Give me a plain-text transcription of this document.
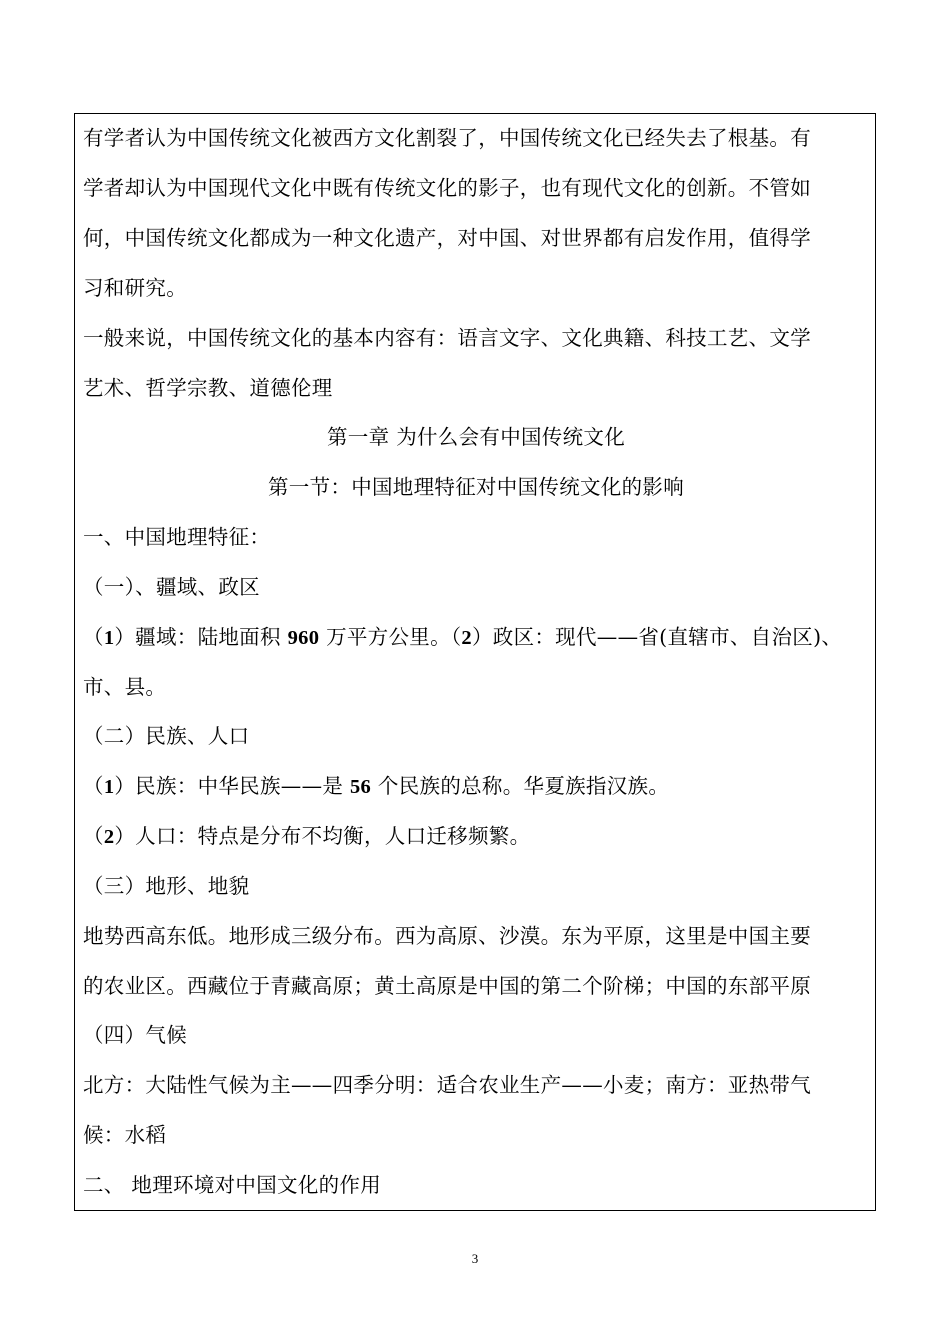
有学者认为中国传统文化被西方文化割裂了，中国传统文化已经失去了根基。有
学者却认为中国现代文化中既有传统文化的影子，也有现代文化的创新。不管如
何，中国传统文化都成为一种文化遗产，对中国、对世界都有启发作用，值得学
习和研究。
一般来说，中国传统文化的基本内容有：语言文字、文化典籍、科技工艺、文学
艺术、哲学宗教、道德伦理
第一章 为什么会有中国传统文化
第一节：中国地理特征对中国传统文化的影响
一、中国地理特征：
（一）、疆域、政区
（1）疆域：陆地面积 960 万平方公里。（2）政区：现代——省(直辖市、自治区)、
市、县。
（二）民族、人口
（1）民族：中华民族——是 56 个民族的总称。华夏族指汉族。
（2）人口：特点是分布不均衡，人口迁移频繁。
（三）地形、地貌
地势西高东低。地形成三级分布。西为高原、沙漠。东为平原，这里是中国主要
的农业区。西藏位于青藏高原；黄土高原是中国的第二个阶梯；中国的东部平原
（四）气候
北方：大陆性气候为主——四季分明：适合农业生产——小麦；南方：亚热带气
候：水稻
二、 地理环境对中国文化的作用
3
